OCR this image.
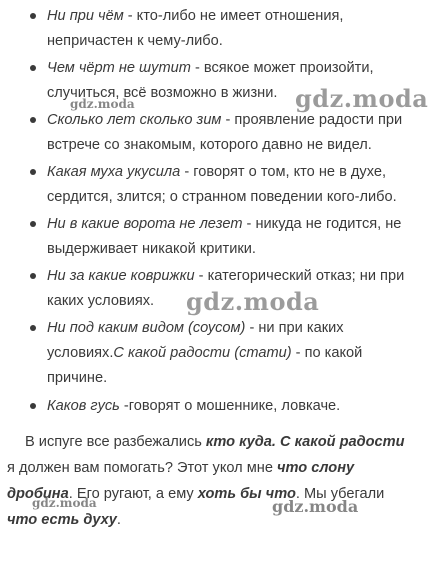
Ни при чём - кто-либо не имеет отношения,
непричастен к чему-либо.
Чем чёрт не шутит - всякое может произойти,
случиться, всё возможно в жизни.
Сколько лет сколько зим - проявление радости при
встрече со знакомым, которого давно не видел.
Какая муха укусила - говорят о том, кто не в духе,
сердится, злится; о странном поведении кого-либо.
Ни в какие ворота не лезет - никуда не годится, не
выдерживает никакой критики.
Ни за какие коврижки - категорический отказ; ни при
каких условиях.
Ни под каким видом (соусом) - ни при каких
условиях.С какой радости (стати) - по какой
причине.
Каков гусь -говорят о мошеннике, ловкаче.
В испуге все разбежались кто куда. С какой радости
я должен вам помогать? Этот укол мне что слону
дробина. Его ругают, а ему хоть бы что. Мы убегали
что есть духу.
gdz.moda	gdz.moda
gdz.moda
gdz.moda	gdz.moda
